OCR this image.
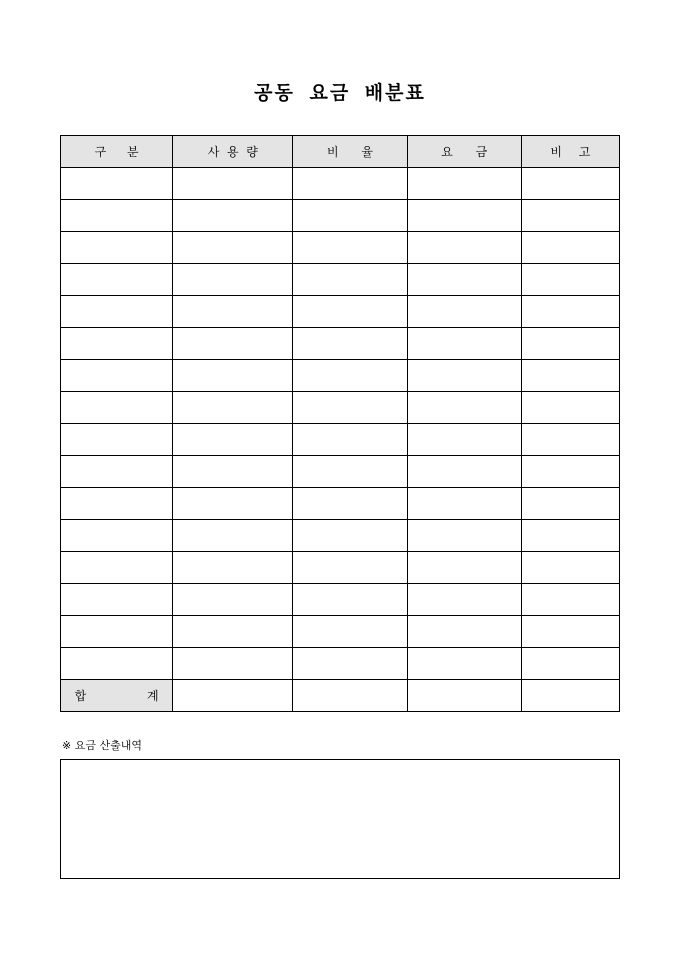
공동 요금 배분표
구 분	사 용 량	비 율	요 금	비 고

합 계				

※ 요금 산출내역
